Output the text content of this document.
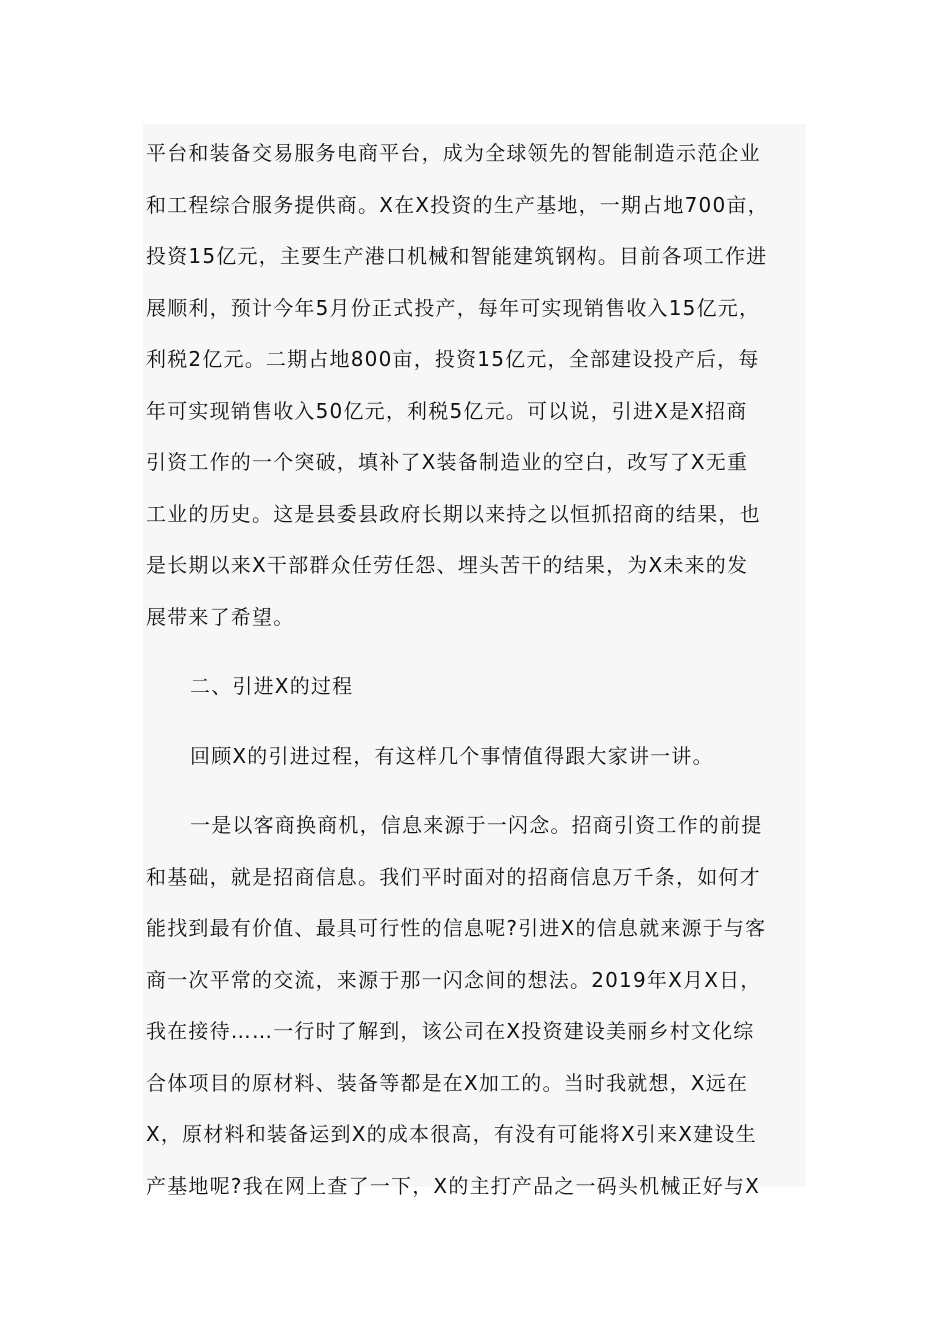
平台和装备交易服务电商平台，成为全球领先的智能制造示范企业
和工程综合服务提供商。X在X投资的生产基地，一期占地700亩，
投资15亿元，主要生产港口机械和智能建筑钢构。目前各项工作进
展顺利，预计今年5月份正式投产，每年可实现销售收入15亿元，
利税2亿元。二期占地800亩，投资15亿元，全部建设投产后，每
年可实现销售收入50亿元，利税5亿元。可以说，引进X是X招商
引资工作的一个突破，填补了X装备制造业的空白，改写了X无重
工业的历史。这是县委县政府长期以来持之以恒抓招商的结果，也
是长期以来X干部群众任劳任怨、埋头苦干的结果，为X未来的发
展带来了希望。

二、引进X的过程

回顾X的引进过程，有这样几个事情值得跟大家讲一讲。

一是以客商换商机，信息来源于一闪念。招商引资工作的前提
和基础，就是招商信息。我们平时面对的招商信息万千条，如何才
能找到最有价值、最具可行性的信息呢?引进X的信息就来源于与客
商一次平常的交流，来源于那一闪念间的想法。2019年X月X日，
我在接待……一行时了解到，该公司在X投资建设美丽乡村文化综
合体项目的原材料、装备等都是在X加工的。当时我就想，X远在
X，原材料和装备运到X的成本很高，有没有可能将X引来X建设生
产基地呢?我在网上查了一下，X的主打产品之一码头机械正好与X
